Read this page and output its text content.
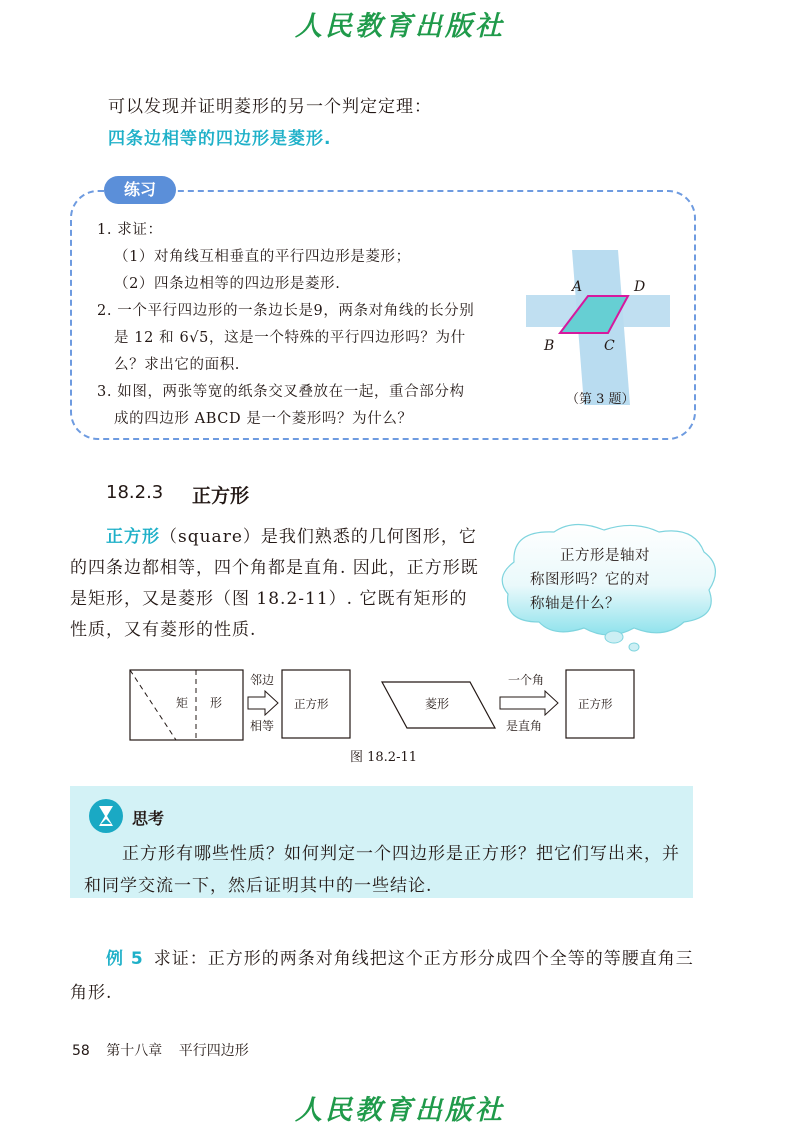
人民教育出版社
可以发现并证明菱形的另一个判定定理：
四条边相等的四边形是菱形.
练习
1. 求证：
（1）对角线互相垂直的平行四边形是菱形；
（2）四条边相等的四边形是菱形.
2. 一个平行四边形的一条边长是9，两条对角线的长分别
是 12 和 6√5，这是一个特殊的平行四边形吗？为什
么？求出它的面积.
3. 如图，两张等宽的纸条交叉叠放在一起，重合部分构
成的四边形 ABCD 是一个菱形吗？为什么？
A	D
B	C
（第 3 题）
18.2.3 正方形
正方形（square）是我们熟悉的几何图形，它的四条边都相等，四个角都是直角. 因此，正方形既是矩形，又是菱形（图 18.2-11）. 它既有矩形的性质，又有菱形的性质.
正方形是轴对
称图形吗？它的对
称轴是什么？
矩 形
邻边
相等
正方形	菱形
一个角
是直角
正方形
图 18.2-11
思考
正方形有哪些性质？如何判定一个四边形是正方形？把它们写出来，并和同学交流一下，然后证明其中的一些结论.
例 5 求证：正方形的两条对角线把这个正方形分成四个全等的等腰直角三角形.
58 第十八章 平行四边形
人民教育出版社
